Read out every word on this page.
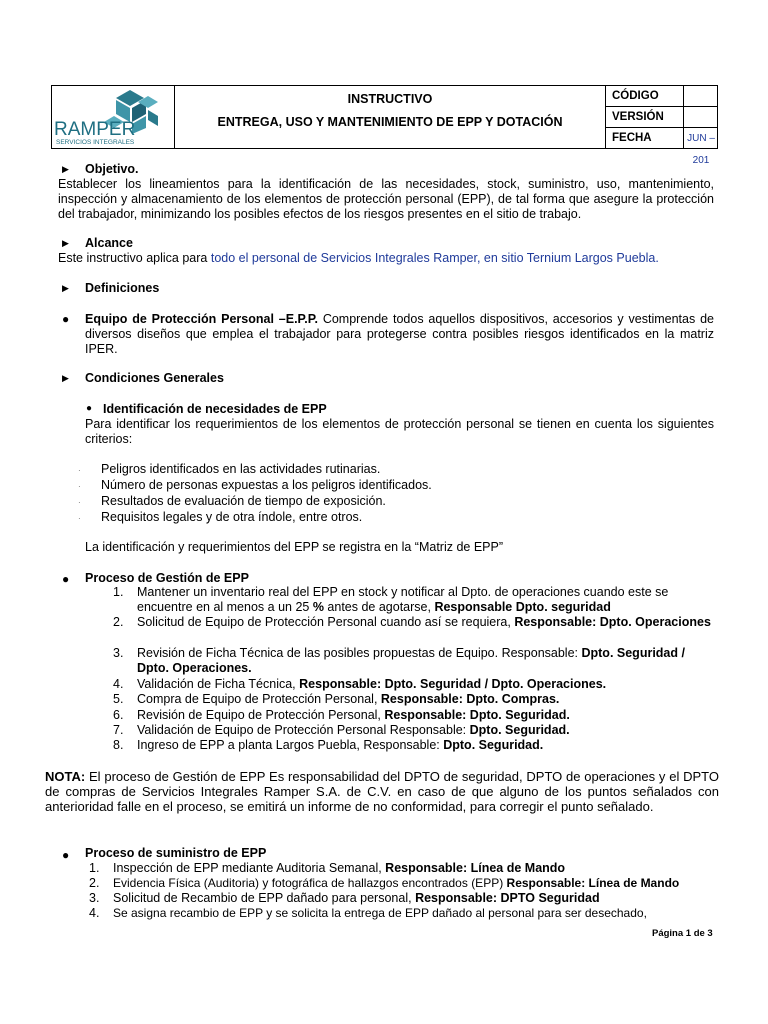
RAMPER
SERVICIOS INTEGRALES
INSTRUCTIVO
ENTREGA, USO Y MANTENIMIENTO DE EPP Y DOTACIÓN
CÓDIGO
VERSIÓN
FECHA	JUN – 201
▶ Objetivo.
Establecer los lineamientos para la identificación de las necesidades, stock, suministro, uso, mantenimiento, inspección y almacenamiento de los elementos de protección personal (EPP), de tal forma que asegure la protección del trabajador, minimizando los posibles efectos de los riesgos presentes en el sitio de trabajo.
▶ Alcance
Este instructivo aplica para todo el personal de Servicios Integrales Ramper, en sitio Ternium Largos Puebla.
▶ Definiciones
● Equipo de Protección Personal –E.P.P. Comprende todos aquellos dispositivos, accesorios y vestimentas de diversos diseños que emplea el trabajador para protegerse contra posibles riesgos identificados en la matriz IPER.
▶ Condiciones Generales
● Identificación de necesidades de EPP
Para identificar los requerimientos de los elementos de protección personal se tienen en cuenta los siguientes criterios:
· Peligros identificados en las actividades rutinarias.
· Número de personas expuestas a los peligros identificados.
· Resultados de evaluación de tiempo de exposición.
· Requisitos legales y de otra índole, entre otros.
La identificación y requerimientos del EPP se registra en la “Matriz de EPP”
● Proceso de Gestión de EPP
1. Mantener un inventario real del EPP en stock y notificar al Dpto. de operaciones cuando este se encuentre en al menos a un 25 % antes de agotarse, Responsable Dpto. seguridad
2. Solicitud de Equipo de Protección Personal cuando así se requiera, Responsable: Dpto. Operaciones
3. Revisión de Ficha Técnica de las posibles propuestas de Equipo. Responsable: Dpto. Seguridad / Dpto. Operaciones.
4. Validación de Ficha Técnica, Responsable: Dpto. Seguridad / Dpto. Operaciones.
5. Compra de Equipo de Protección Personal, Responsable: Dpto. Compras.
6. Revisión de Equipo de Protección Personal, Responsable: Dpto. Seguridad.
7. Validación de Equipo de Protección Personal Responsable: Dpto. Seguridad.
8. Ingreso de EPP a planta Largos Puebla, Responsable: Dpto. Seguridad.
NOTA: El proceso de Gestión de EPP Es responsabilidad del DPTO de seguridad, DPTO de operaciones y el DPTO de compras de Servicios Integrales Ramper S.A. de C.V. en caso de que alguno de los puntos señalados con anterioridad falle en el proceso, se emitirá un informe de no conformidad, para corregir el punto señalado.
● Proceso de suministro de EPP
1. Inspección de EPP mediante Auditoria Semanal, Responsable: Línea de Mando
2. Evidencia Física (Auditoria) y fotográfica de hallazgos encontrados (EPP) Responsable: Línea de Mando
3. Solicitud de Recambio de EPP dañado para personal, Responsable: DPTO Seguridad
4. Se asigna recambio de EPP y se solicita la entrega de EPP dañado al personal para ser desechado,
Página 1 de 3
